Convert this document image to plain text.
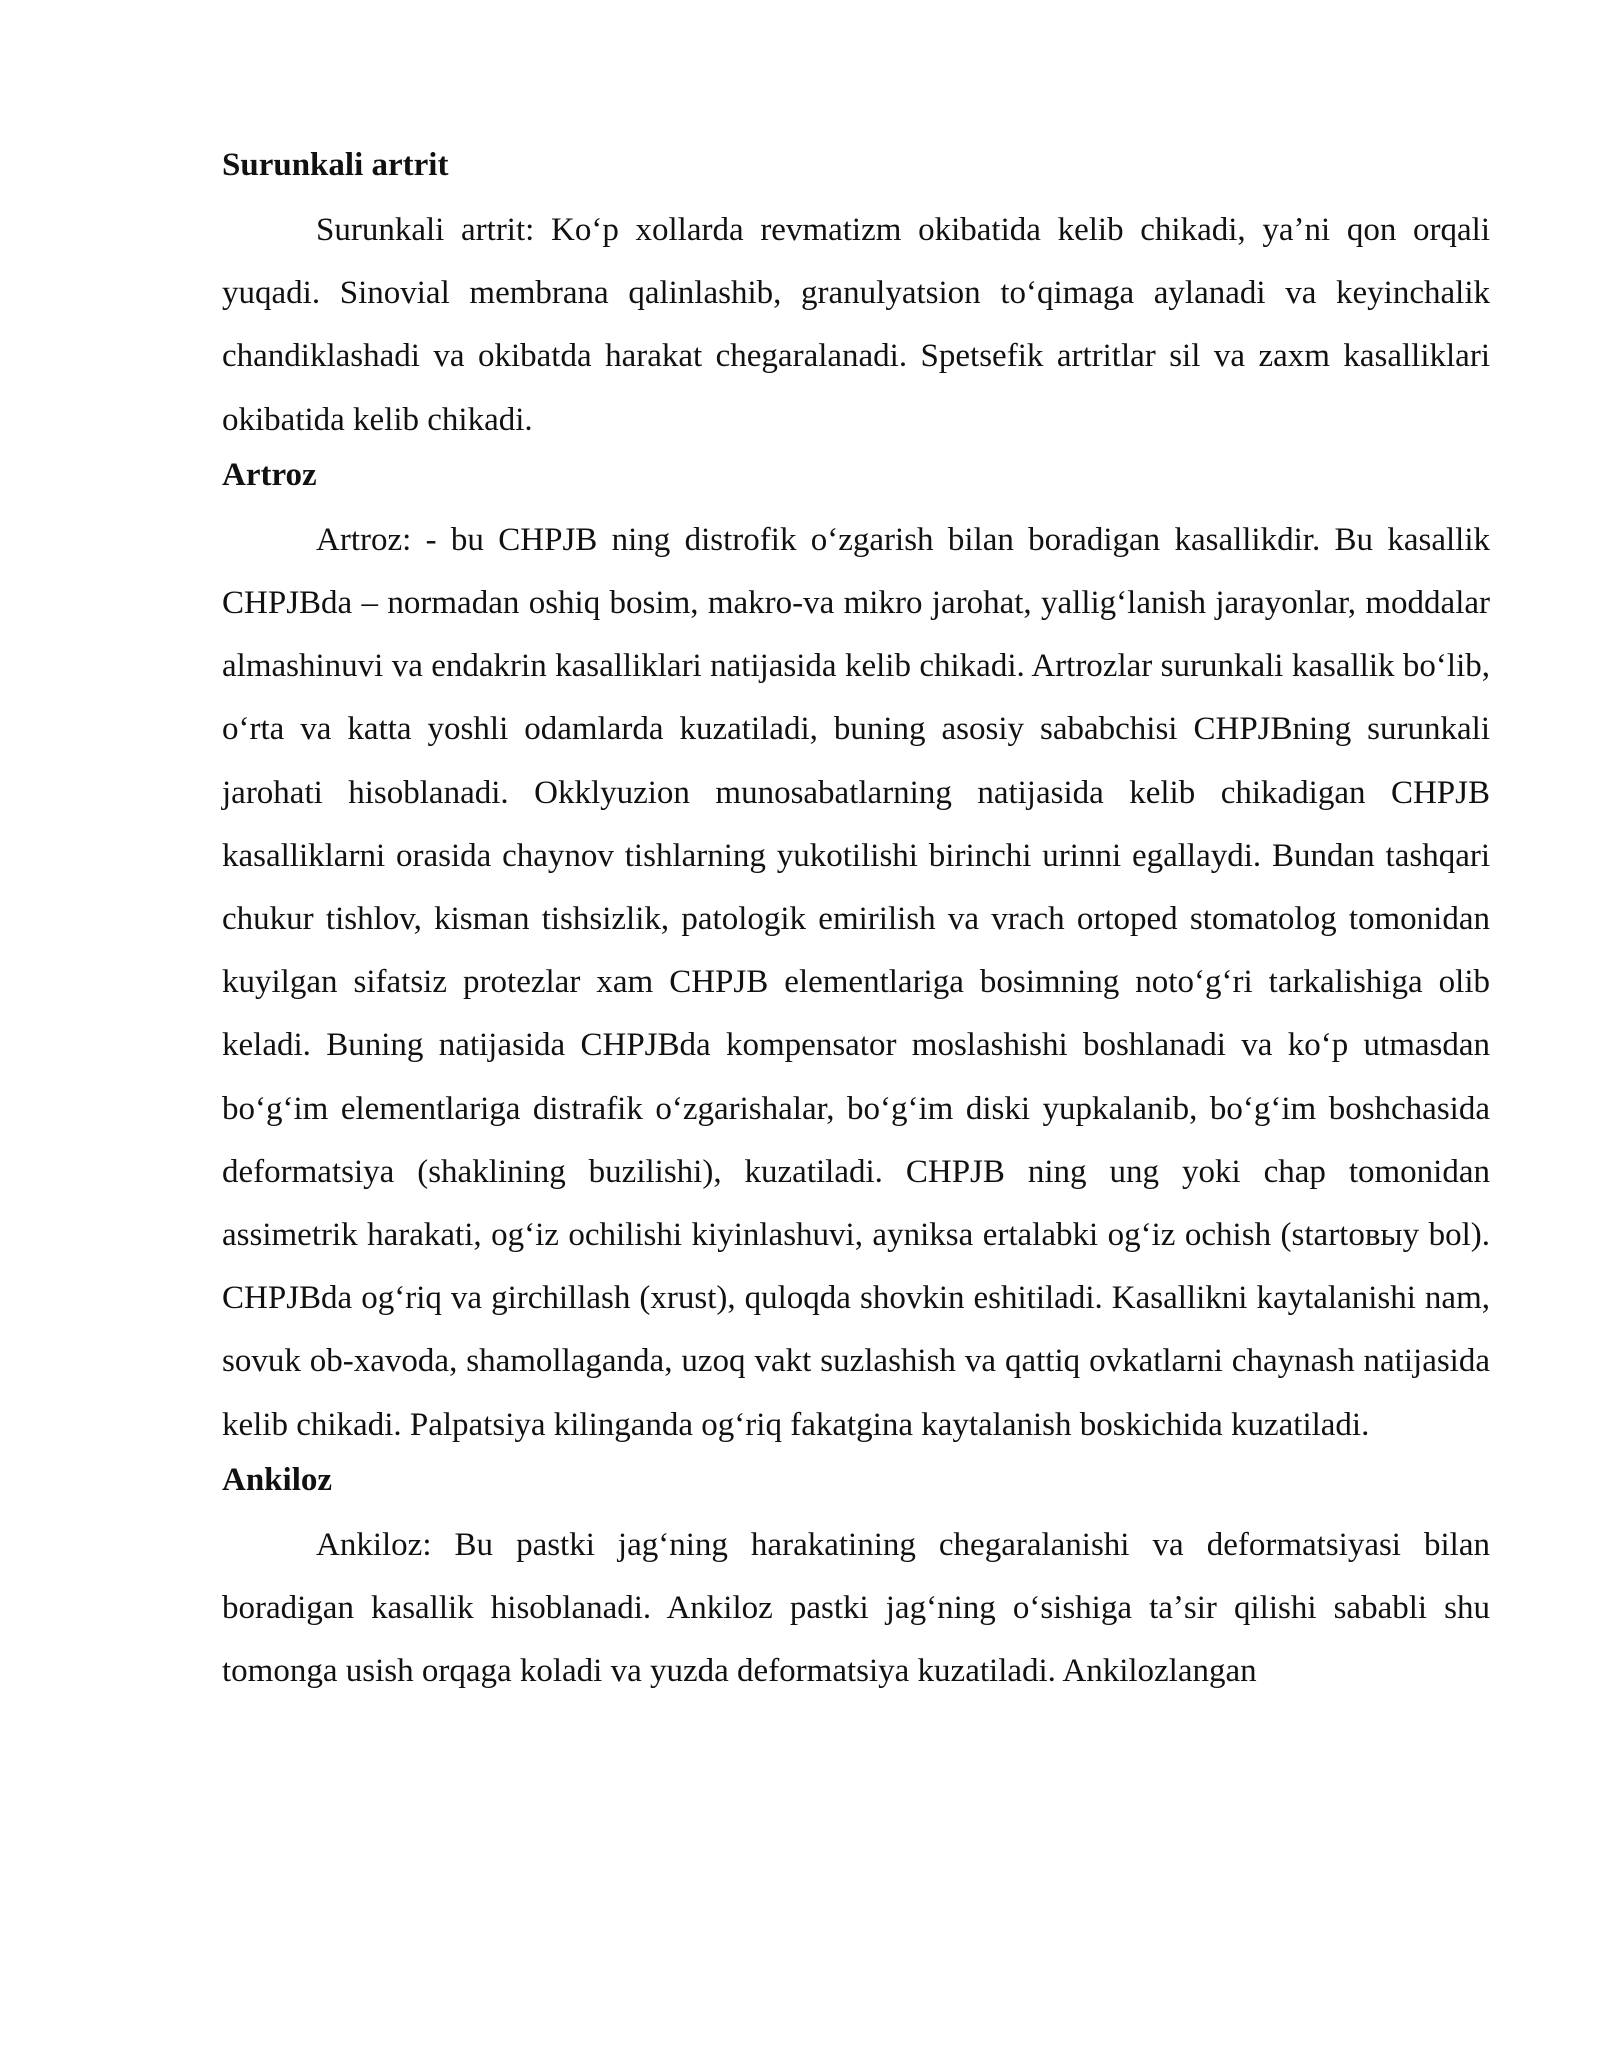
Surunkali artrit

Surunkali artrit: Koʻp xollarda revmatizm okibatida kelib chikadi, yaʼni qon orqali yuqadi. Sinovial membrana qalinlashib, granulyatsion toʻqimaga aylanadi va keyinchalik chandiklashadi va okibatda harakat chegaralanadi. Spetsefik artritlar sil va zaxm kasalliklari okibatida kelib chikadi.

Artroz

Artroz: - bu CHPJB ning distrofik oʻzgarish bilan boradigan kasallikdir. Bu kasallik CHPJBda – normadan oshiq bosim, makro-va mikro jarohat, yalligʻlanish jarayonlar, moddalar almashinuvi va endakrin kasalliklari natijasida kelib chikadi. Artrozlar surunkali kasallik boʻlib, oʻrta va katta yoshli odamlarda kuzatiladi, buning asosiy sababchisi CHPJBning surunkali jarohati hisoblanadi. Okklyuzion munosabatlarning natijasida kelib chikadigan CHPJB kasalliklarni orasida chaynov tishlarning yukotilishi birinchi urinni egallaydi. Bundan tashqari chukur tishlov, kisman tishsizlik, patologik emirilish va vrach ortoped stomatolog tomonidan kuyilgan sifatsiz protezlar xam CHPJB elementlariga bosimning notoʻgʻri tarkalishiga olib keladi. Buning natijasida CHPJBda kompensator moslashishi boshlanadi va koʻp utmasdan boʻgʻim elementlariga distrafik oʻzgarishalar, boʻgʻim diski yupkalanib, boʻgʻim boshchasida deformatsiya (shaklining buzilishi), kuzatiladi. CHPJB ning ung yoki chap tomonidan assimetrik harakati, ogʻiz ochilishi kiyinlashuvi, ayniksa ertalabki ogʻiz ochish (startовыу bol). CHPJBda ogʻriq va girchillash (xrust), quloqda shovkin eshitiladi. Kasallikni kaytalanishi nam, sovuk ob-xavoda, shamollaganda, uzoq vakt suzlashish va qattiq ovkatlarni chaynash natijasida kelib chikadi. Palpatsiya kilinganda ogʻriq fakatgina kaytalanish boskichida kuzatiladi.

Ankiloz

Ankiloz: Bu pastki jagʻning harakatining chegaralanishi va deformatsiyasi bilan boradigan kasallik hisoblanadi. Ankiloz pastki jagʻning oʻsishiga taʼsir qilishi sababli shu tomonga usish orqaga koladi va yuzda deformatsiya kuzatiladi. Ankilozlangan
